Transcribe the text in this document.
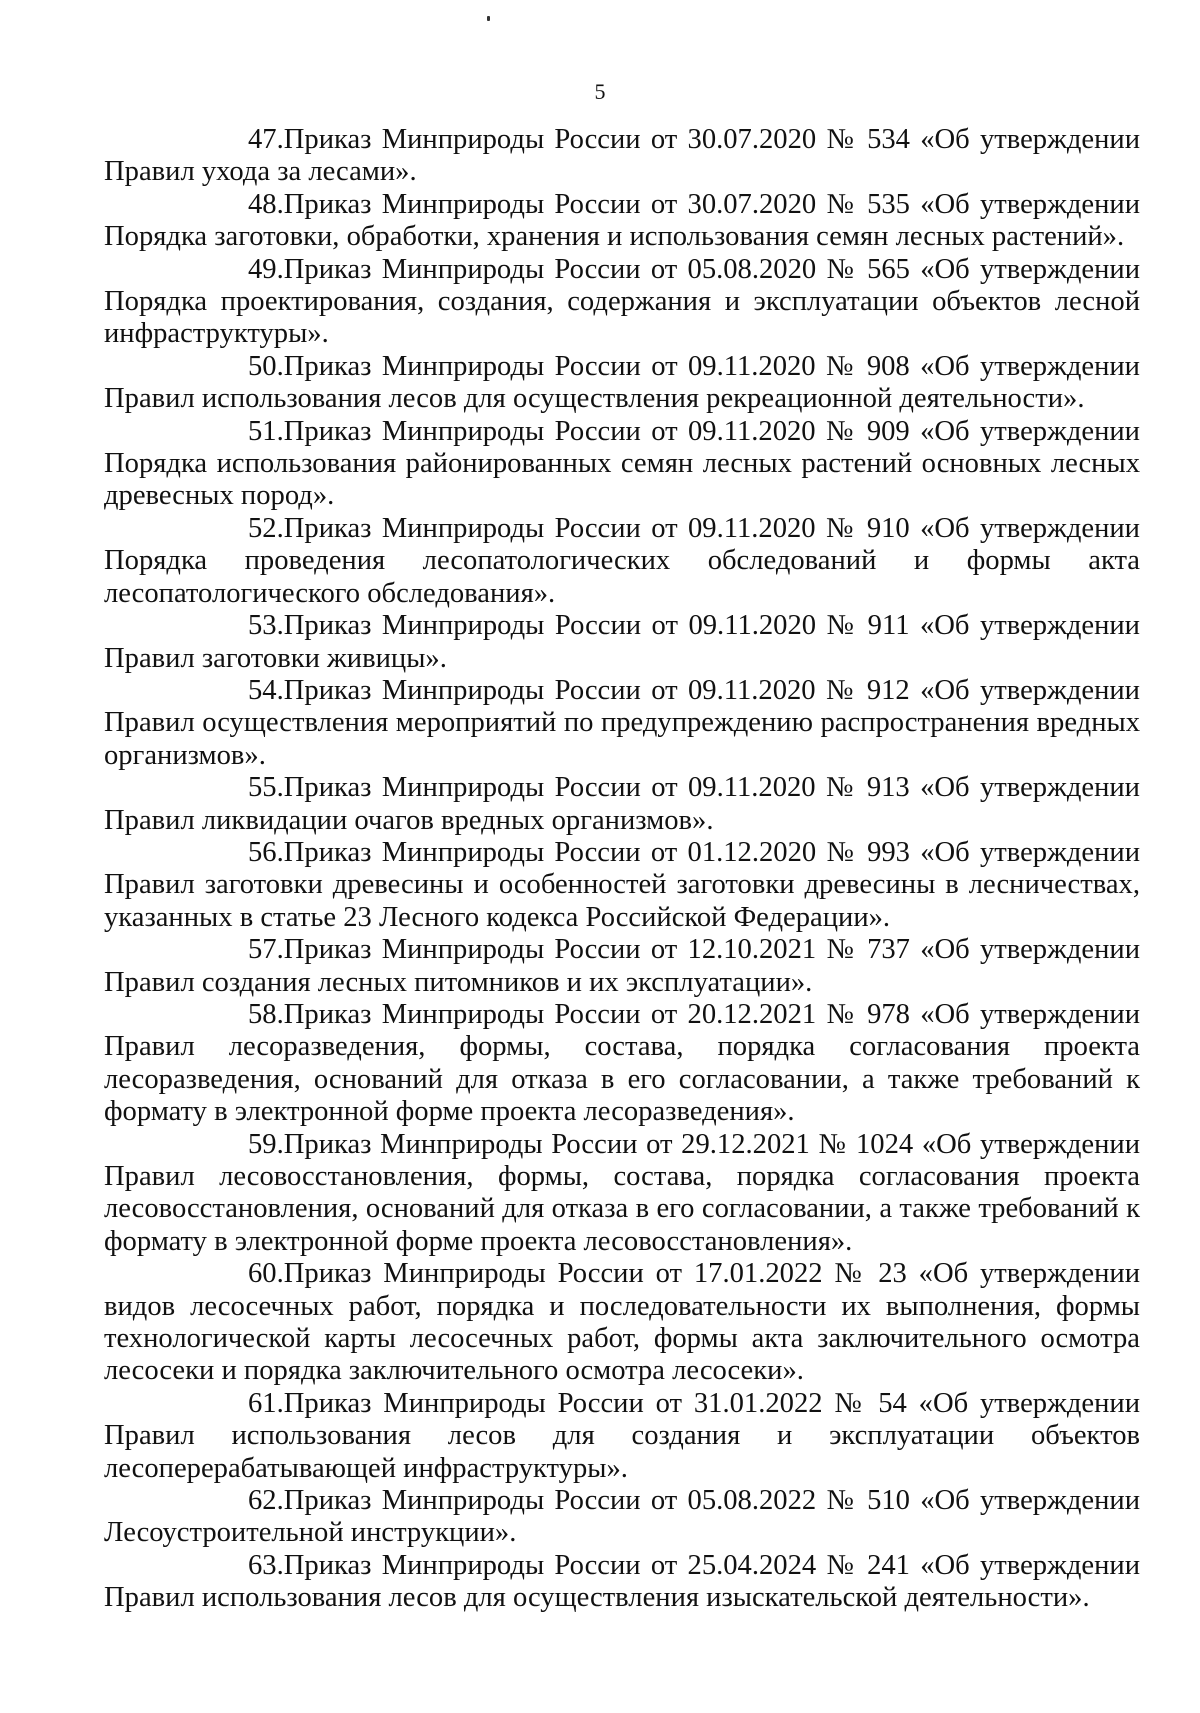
5

47.Приказ Минприроды России от 30.07.2020 № 534 «Об утверждении Правил ухода за лесами».

48.Приказ Минприроды России от 30.07.2020 № 535 «Об утверждении Порядка заготовки, обработки, хранения и использования семян лесных растений».

49.Приказ Минприроды России от 05.08.2020 № 565 «Об утверждении Порядка проектирования, создания, содержания и эксплуатации объектов лесной инфраструктуры».

50.Приказ Минприроды России от 09.11.2020 № 908 «Об утверждении Правил использования лесов для осуществления рекреационной деятельности».

51.Приказ Минприроды России от 09.11.2020 № 909 «Об утверждении Порядка использования районированных семян лесных растений основных лесных древесных пород».

52.Приказ Минприроды России от 09.11.2020 № 910 «Об утверждении Порядка проведения лесопатологических обследований и формы акта лесопатологического обследования».

53.Приказ Минприроды России от 09.11.2020 № 911 «Об утверждении Правил заготовки живицы».

54.Приказ Минприроды России от 09.11.2020 № 912 «Об утверждении Правил осуществления мероприятий по предупреждению распространения вредных организмов».

55.Приказ Минприроды России от 09.11.2020 № 913 «Об утверждении Правил ликвидации очагов вредных организмов».

56.Приказ Минприроды России от 01.12.2020 № 993 «Об утверждении Правил заготовки древесины и особенностей заготовки древесины в лесничествах, указанных в статье 23 Лесного кодекса Российской Федерации».

57.Приказ Минприроды России от 12.10.2021 № 737 «Об утверждении Правил создания лесных питомников и их эксплуатации».

58.Приказ Минприроды России от 20.12.2021 № 978 «Об утверждении Правил лесоразведения, формы, состава, порядка согласования проекта лесоразведения, оснований для отказа в его согласовании, а также требований к формату в электронной форме проекта лесоразведения».

59.Приказ Минприроды России от 29.12.2021 № 1024 «Об утверждении Правил лесовосстановления, формы, состава, порядка согласования проекта лесовосстановления, оснований для отказа в его согласовании, а также требований к формату в электронной форме проекта лесовосстановления».

60.Приказ Минприроды России от 17.01.2022 № 23 «Об утверждении видов лесосечных работ, порядка и последовательности их выполнения, формы технологической карты лесосечных работ, формы акта заключительного осмотра лесосеки и порядка заключительного осмотра лесосеки».

61.Приказ Минприроды России от 31.01.2022 № 54 «Об утверждении Правил использования лесов для создания и эксплуатации объектов лесоперерабатывающей инфраструктуры».

62.Приказ Минприроды России от 05.08.2022 № 510 «Об утверждении Лесоустроительной инструкции».

63.Приказ Минприроды России от 25.04.2024 № 241 «Об утверждении Правил использования лесов для осуществления изыскательской деятельности».
